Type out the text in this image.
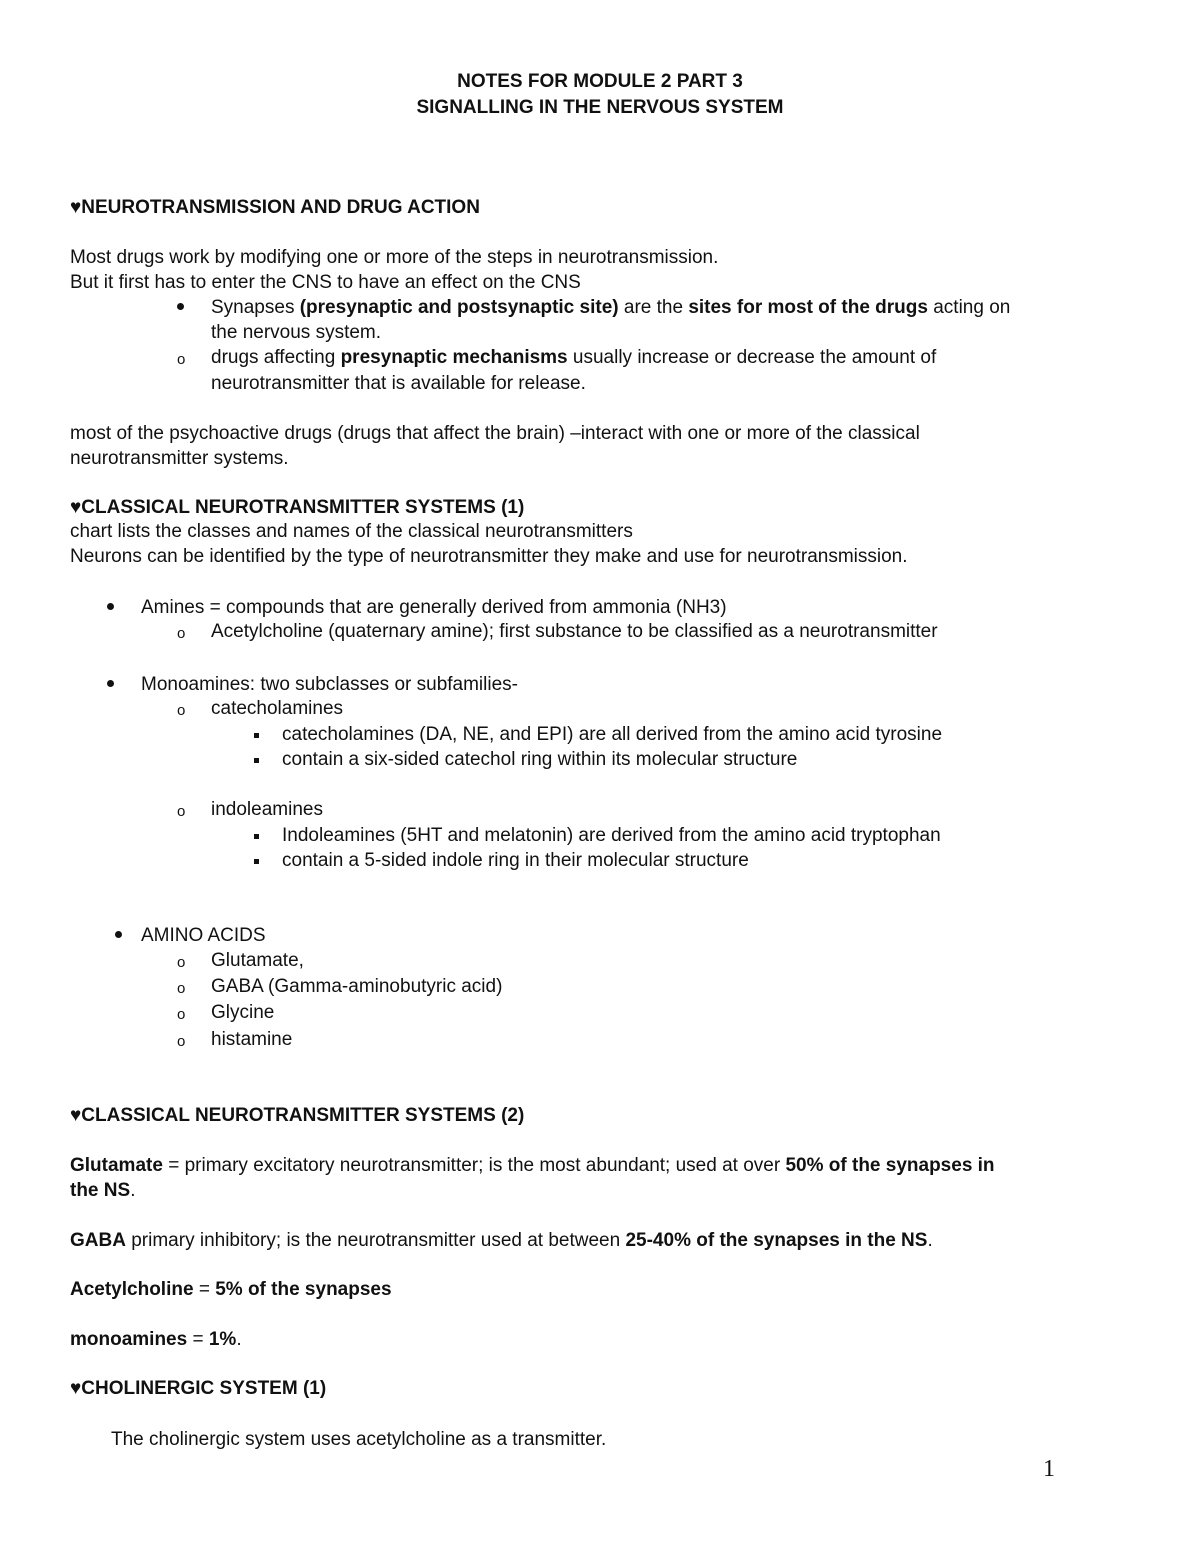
NOTES FOR MODULE 2 PART 3
SIGNALLING IN THE NERVOUS SYSTEM
♥NEUROTRANSMISSION AND DRUG ACTION
Most drugs work by modifying one or more of the steps in neurotransmission.
But it first has to enter the CNS to have an effect on the CNS
Synapses (presynaptic and postsynaptic site) are the sites for most of the drugs acting on
the nervous system.
o drugs affecting presynaptic mechanisms usually increase or decrease the amount of
neurotransmitter that is available for release.
most of the psychoactive drugs (drugs that affect the brain) –interact with one or more of the classical
neurotransmitter systems.
♥CLASSICAL NEUROTRANSMITTER SYSTEMS (1)
chart lists the classes and names of the classical neurotransmitters
Neurons can be identified by the type of neurotransmitter they make and use for neurotransmission.
Amines = compounds that are generally derived from ammonia (NH3)
o Acetylcholine (quaternary amine); first substance to be classified as a neurotransmitter
Monoamines: two subclasses or subfamilies-
o catecholamines
catecholamines (DA, NE, and EPI) are all derived from the amino acid tyrosine
contain a six-sided catechol ring within its molecular structure
o indoleamines
Indoleamines (5HT and melatonin) are derived from the amino acid tryptophan
contain a 5-sided indole ring in their molecular structure
AMINO ACIDS
o Glutamate,
o GABA (Gamma-aminobutyric acid)
o Glycine
o histamine
♥CLASSICAL NEUROTRANSMITTER SYSTEMS (2)
Glutamate = primary excitatory neurotransmitter; is the most abundant; used at over 50% of the synapses in
the NS.
GABA primary inhibitory; is the neurotransmitter used at between 25-40% of the synapses in the NS.
Acetylcholine = 5% of the synapses
monoamines = 1%.
♥CHOLINERGIC SYSTEM (1)
The cholinergic system uses acetylcholine as a transmitter.
1
